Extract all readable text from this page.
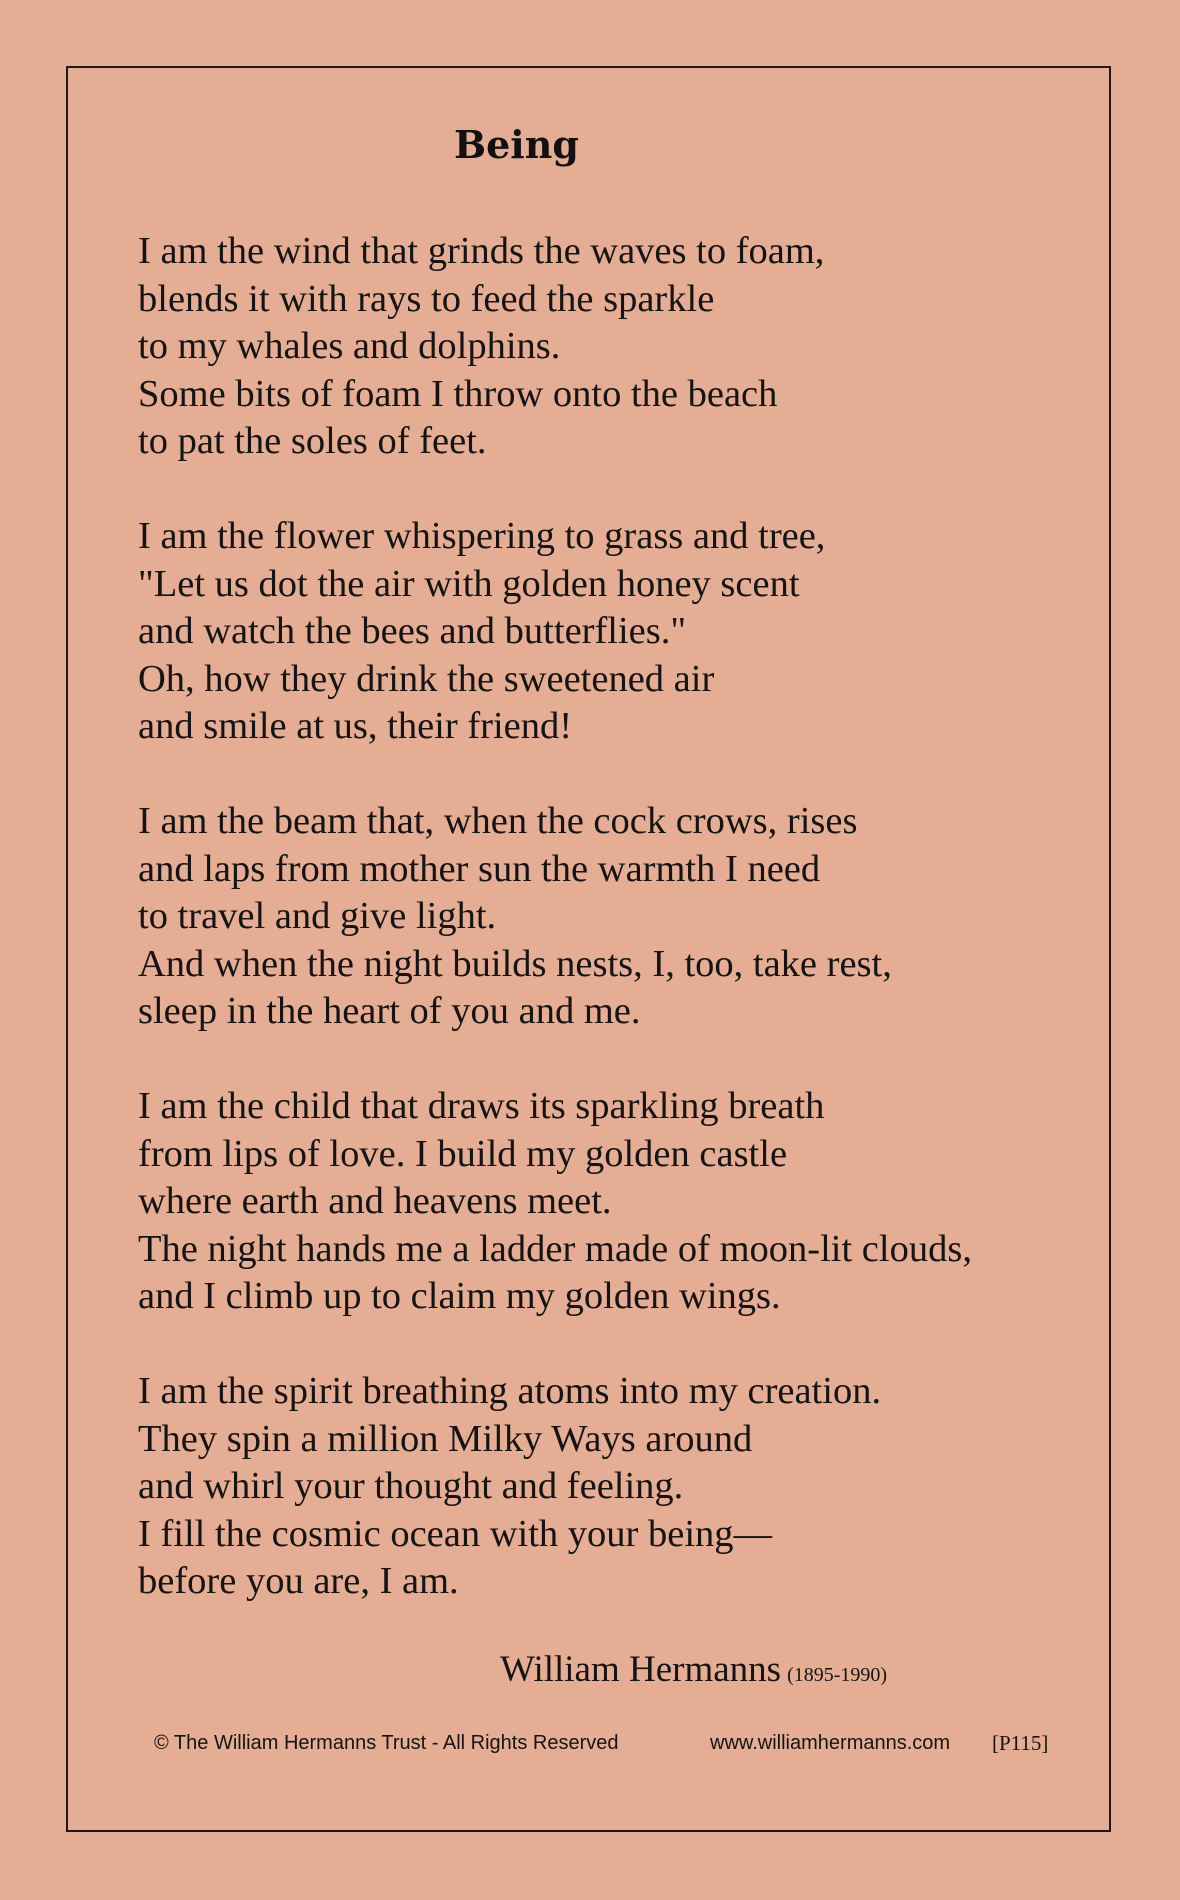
Being
I am the wind that grinds the waves to foam,
blends it with rays to feed the sparkle
to my whales and dolphins.
Some bits of foam I throw onto the beach
to pat the soles of feet.
I am the flower whispering to grass and tree,
"Let us dot the air with golden honey scent
and watch the bees and butterflies."
Oh, how they drink the sweetened air
and smile at us, their friend!
I am the beam that, when the cock crows, rises
and laps from mother sun the warmth I need
to travel and give light.
And when the night builds nests, I, too, take rest,
sleep in the heart of you and me.
I am the child that draws its sparkling breath
from lips of love. I build my golden castle
where earth and heavens meet.
The night hands me a ladder made of moon-lit clouds,
and I climb up to claim my golden wings.
I am the spirit breathing atoms into my creation.
They spin a million Milky Ways around
and whirl your thought and feeling.
I fill the cosmic ocean with your being—
before you are, I am.
William Hermanns (1895-1990)
© The William Hermanns Trust - All Rights Reserved	www.williamhermanns.com [P115]
